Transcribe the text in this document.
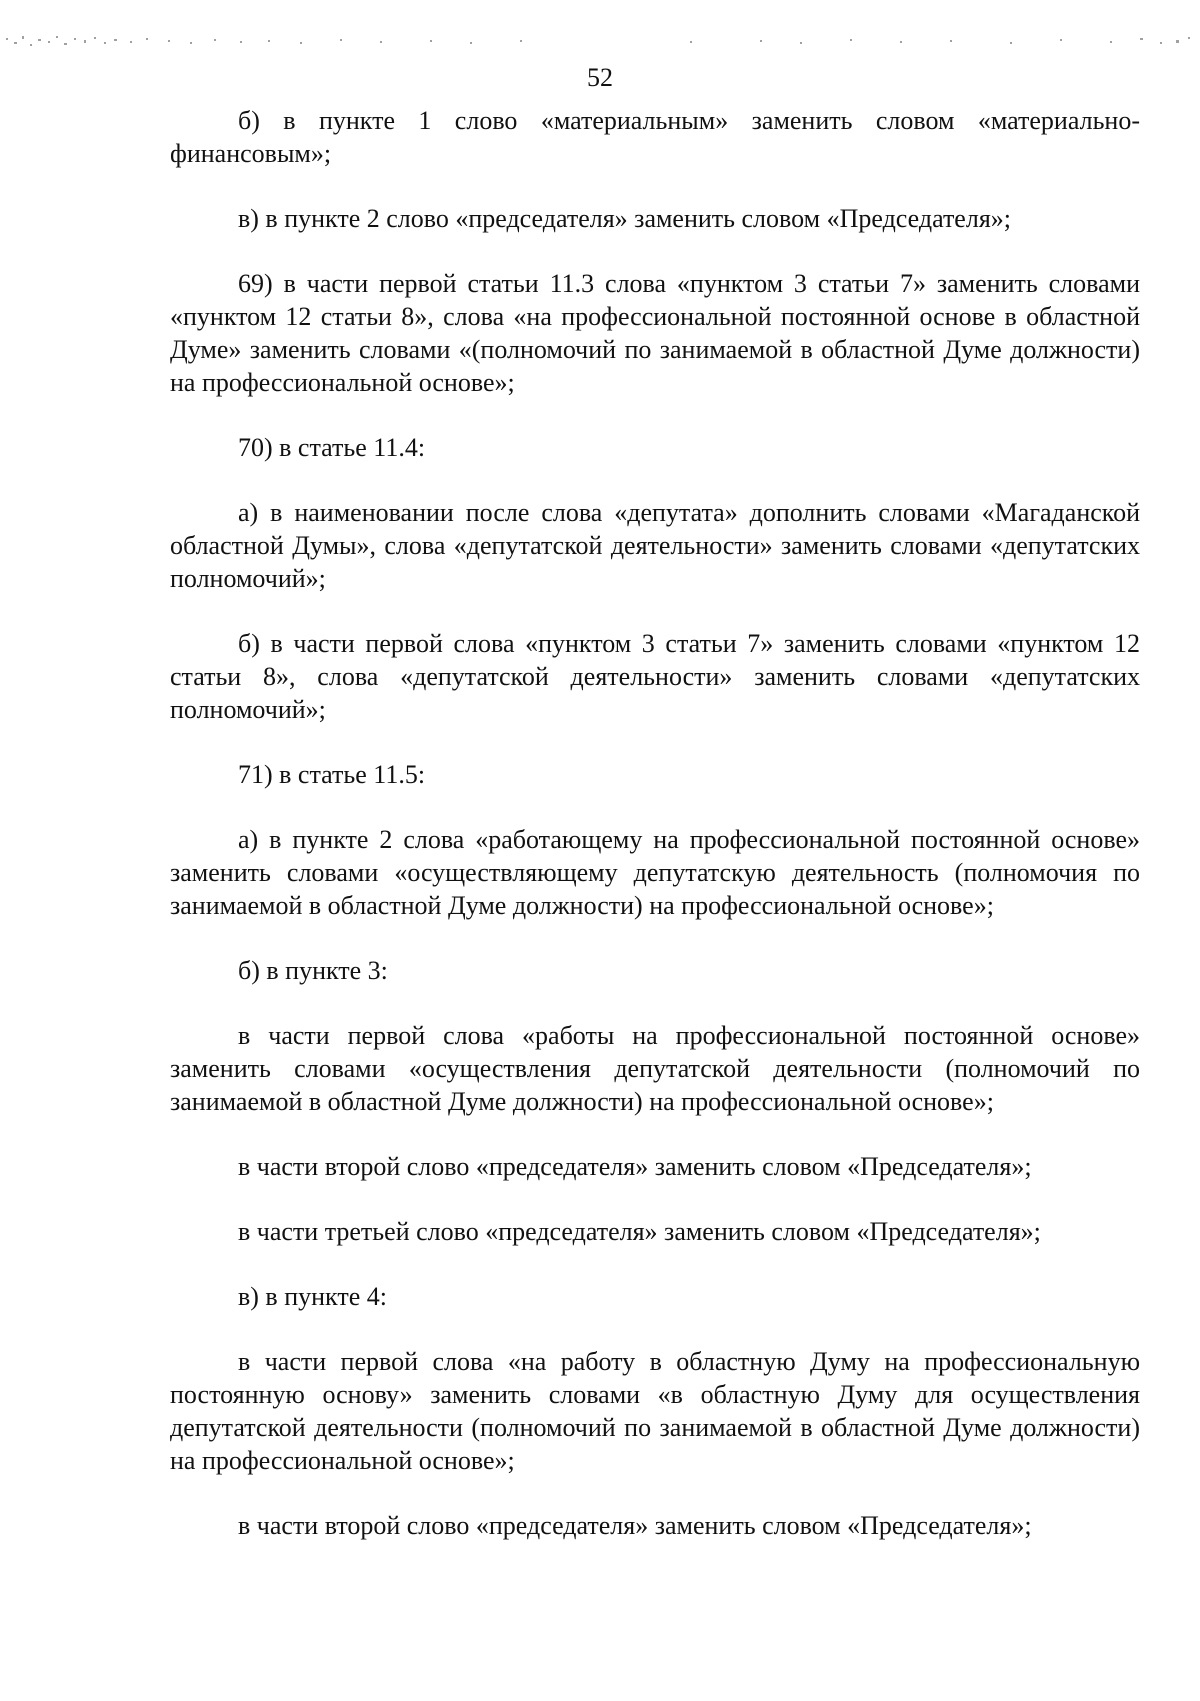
52

б) в пункте 1 слово «материальным» заменить словом «материально-финансовым»;

в) в пункте 2 слово «председателя» заменить словом «Председателя»;

69) в части первой статьи 11.3 слова «пунктом 3 статьи 7» заменить словами «пунктом 12 статьи 8», слова «на профессиональной постоянной основе в областной Думе» заменить словами «(полномочий по занимаемой в областной Думе должности) на профессиональной основе»;

70) в статье 11.4:

а) в наименовании после слова «депутата» дополнить словами «Магаданской областной Думы», слова «депутатской деятельности» заменить словами «депутатских полномочий»;

б) в части первой слова «пунктом 3 статьи 7» заменить словами «пунктом 12 статьи 8», слова «депутатской деятельности» заменить словами «депутатских полномочий»;

71) в статье 11.5:

а) в пункте 2 слова «работающему на профессиональной постоянной основе» заменить словами «осуществляющему депутатскую деятельность (полномочия по занимаемой в областной Думе должности) на профессиональной основе»;

б) в пункте 3:

в части первой слова «работы на профессиональной постоянной основе» заменить словами «осуществления депутатской деятельности (полномочий по занимаемой в областной Думе должности) на профессиональной основе»;

в части второй слово «председателя» заменить словом «Председателя»;

в части третьей слово «председателя» заменить словом «Председателя»;

в) в пункте 4:

в части первой слова «на работу в областную Думу на профессиональную постоянную основу» заменить словами «в областную Думу для осуществления депутатской деятельности (полномочий по занимаемой в областной Думе должности) на профессиональной основе»;

в части второй слово «председателя» заменить словом «Председателя»;
